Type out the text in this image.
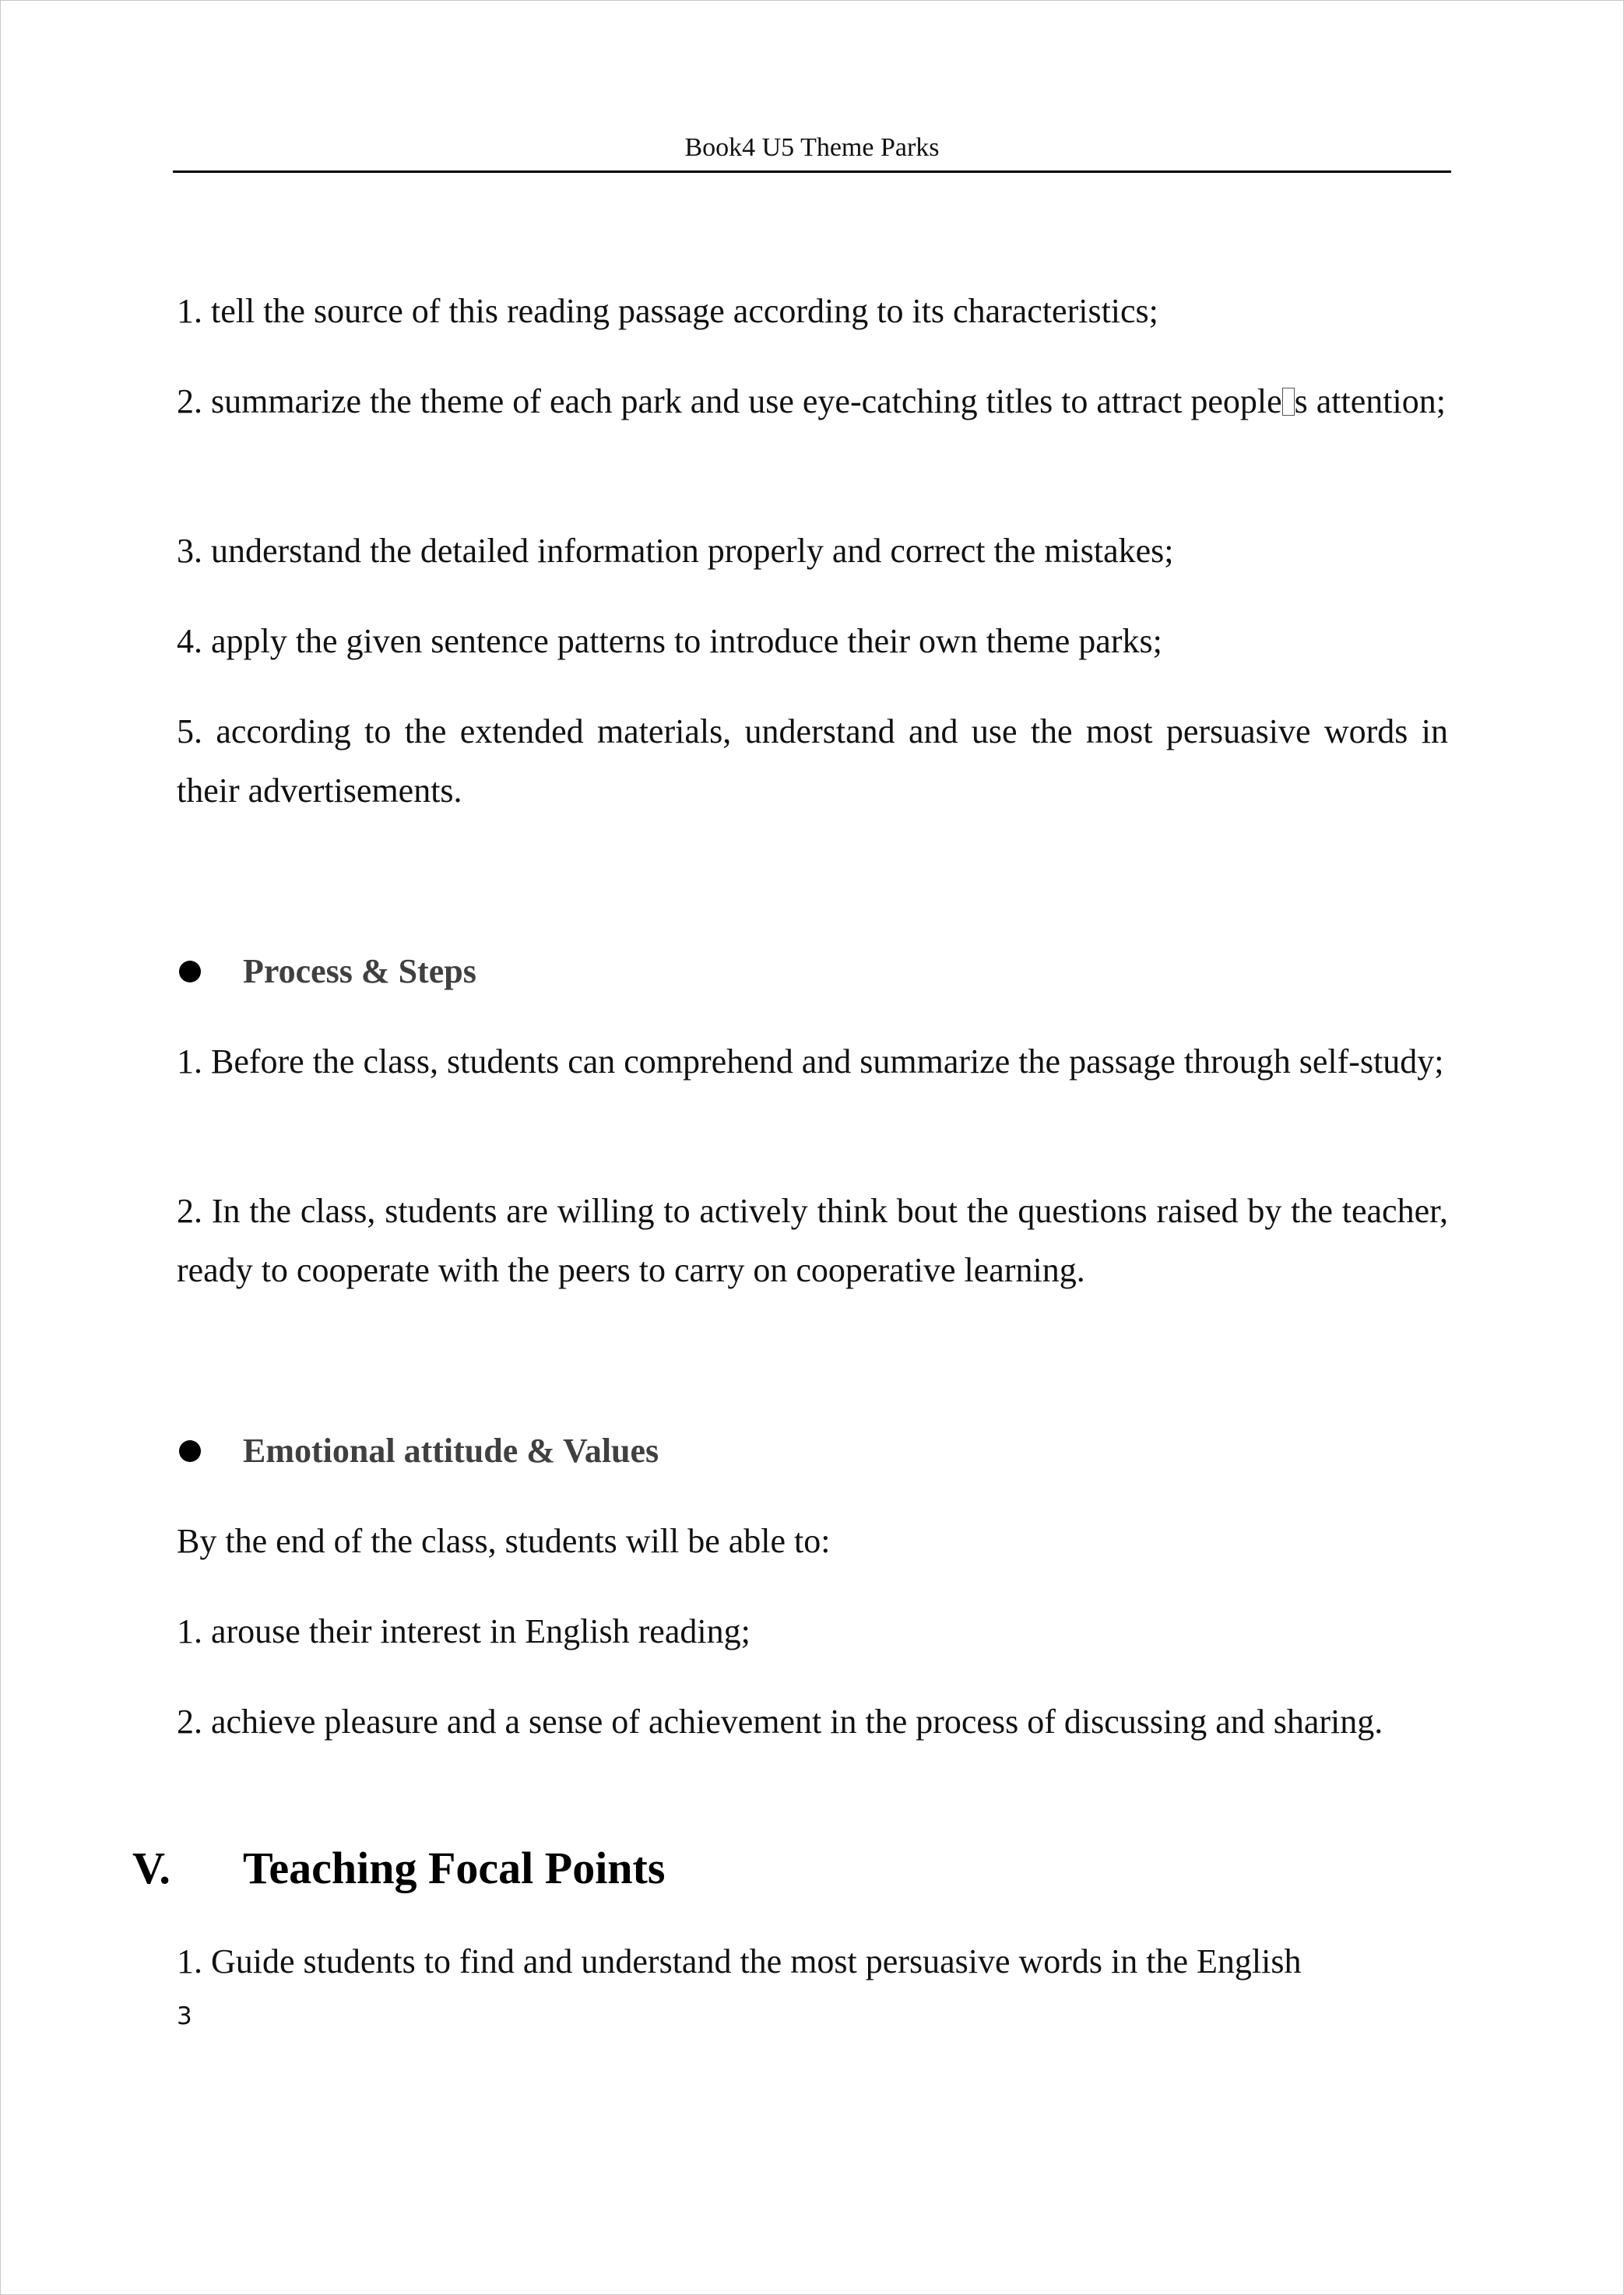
Book4 U5 Theme Parks

1. tell the source of this reading passage according to its characteristics;

2. summarize the theme of each park and use eye-catching titles to attract people s attention;

3. understand the detailed information properly and correct the mistakes;

4. apply the given sentence patterns to introduce their own theme parks;

5. according to the extended materials, understand and use the most persuasive words in their advertisements.

Process & Steps

1. Before the class, students can comprehend and summarize the passage through self-study;

2. In the class, students are willing to actively think bout the questions raised by the teacher, ready to cooperate with the peers to carry on cooperative learning.

Emotional attitude & Values

By the end of the class, students will be able to:

1. arouse their interest in English reading;

2. achieve pleasure and a sense of achievement in the process of discussing and sharing.

V. Teaching Focal Points

1. Guide students to find and understand the most persuasive words in the English

3
